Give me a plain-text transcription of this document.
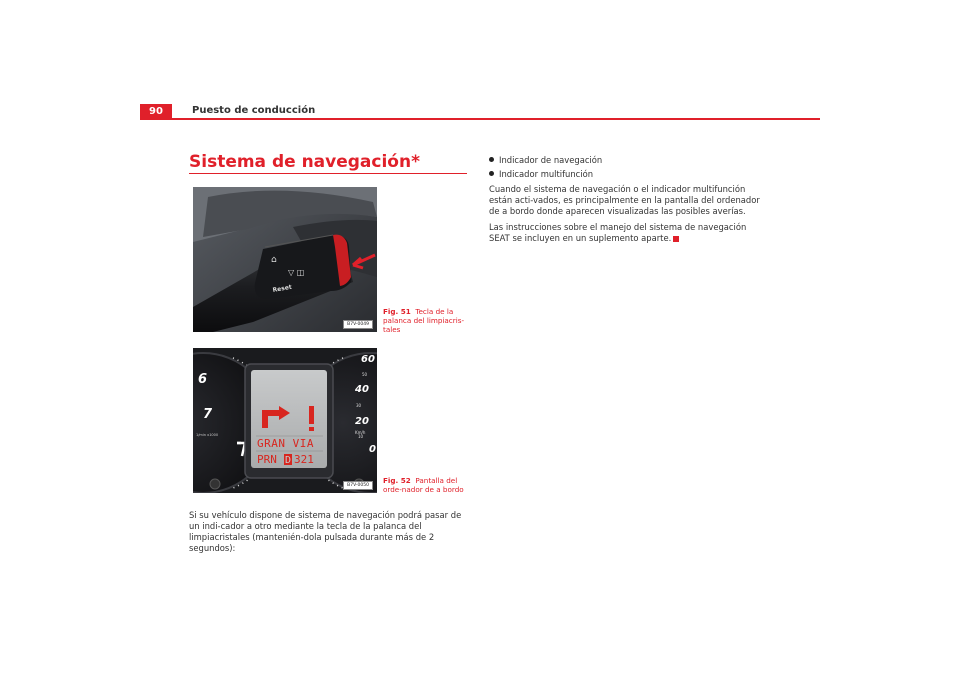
90	Puesto de conducción
Sistema de navegación*
⌂
▽ ◫
Reset
B7V-0049
Fig. 51 Tecla de la palanca del limpiacris-tales
6
7
1/min x1000
GRAN VIA
PRN D 321
60
40
20
0
50
30
10
Km/h
B7V-0050
Fig. 52 Pantalla del orde-nador de a bordo
Si su vehículo dispone de sistema de navegación podrá pasar de un indi-cador a otro mediante la tecla de la palanca del limpiacristales (mantenién-dola pulsada durante más de 2 segundos):
Indicador de navegación
Indicador multifunción
Cuando el sistema de navegación o el indicador multifunción están acti-vados, es principalmente en la pantalla del ordenador de a bordo donde aparecen visualizadas las posibles averías.
Las instrucciones sobre el manejo del sistema de navegación SEAT se incluyen en un suplemento aparte.
